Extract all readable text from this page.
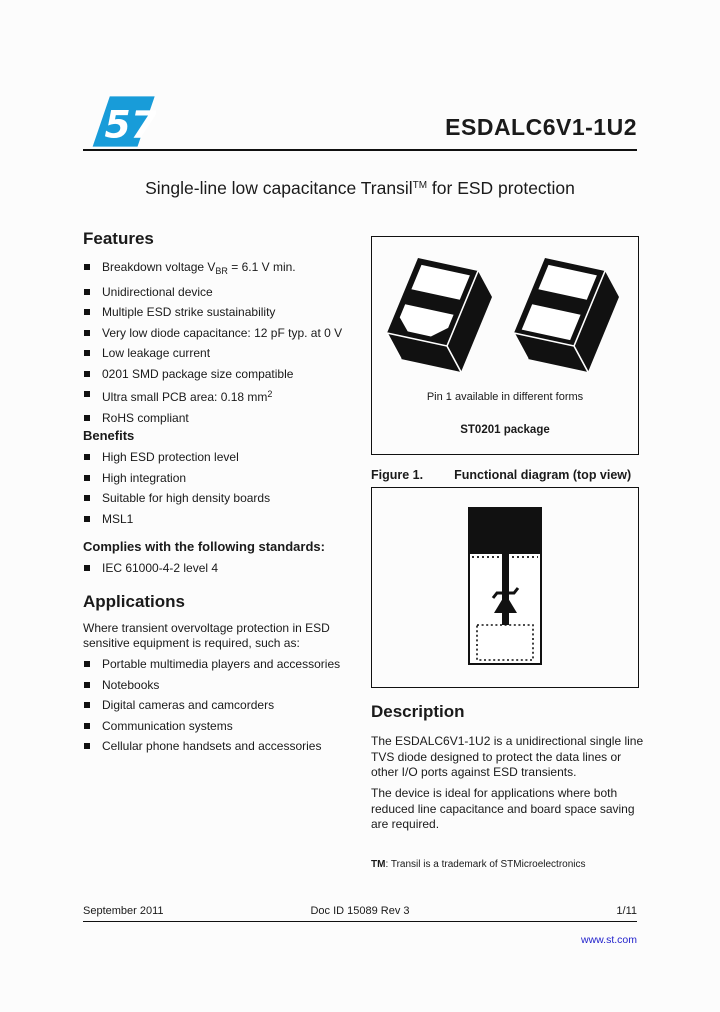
57	ESDALC6V1-1U2
Single-line low capacitance Transil™ for ESD protection
Features
Breakdown voltage $V_{BR} = 6.1$ V min.
Unidirectional device
Multiple ESD strike sustainability
Very low diode capacitance: 12 pF typ. at 0 V
Low leakage current
0201 SMD package size compatible
Ultra small PCB area: 0.18 $mm^2$
RoHS compliant
Benefits
High ESD protection level
High integration
Suitable for high density boards
MSL1
Complies with the following standards:
IEC 61000-4-2 level 4
Applications
Where transient overvoltage protection in ESD sensitive equipment is required, such as:
Portable multimedia players and accessories
Notebooks
Digital cameras and camcorders
Communication systems
Cellular phone handsets and accessories
Pin 1 available in different forms
ST0201 package
Figure 1. Functional diagram (top view)
Description
The ESDALC6V1-1U2 is a unidirectional single line TVS diode designed to protect the data lines or other I/O ports against ESD transients.
The device is ideal for applications where both reduced line capacitance and board space saving are required.
TM: Transil is a trademark of STMicroelectronics
September 2011	Doc ID 15089 Rev 3	1/11
www.st.com
